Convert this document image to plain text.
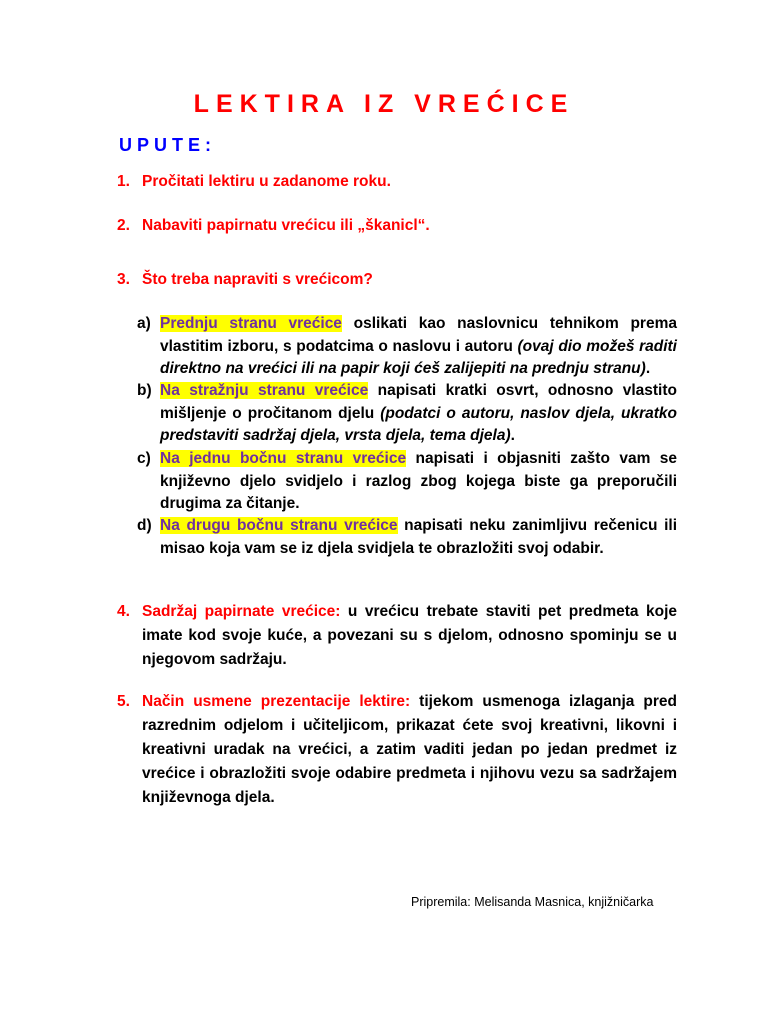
LEKTIRA IZ VREĆICE
UPUTE:
1. Pročitati lektiru u zadanome roku.
2. Nabaviti papirnatu vrećicu ili „škanicl“.
3. Što treba napraviti s vrećicom?
a) Prednju stranu vrećice oslikati kao naslovnicu tehnikom prema vlastitim izboru, s podatcima o naslovu i autoru (ovaj dio možeš raditi direktno na vrećici ili na papir koji ćeš zalijepiti na prednju stranu).
b) Na stražnju stranu vrećice napisati kratki osvrt, odnosno vlastito mišljenje o pročitanom djelu (podatci o autoru, naslov djela, ukratko predstaviti sadržaj djela, vrsta djela, tema djela).
c) Na jednu bočnu stranu vrećice napisati i objasniti zašto vam se književno djelo svidjelo i razlog zbog kojega biste ga preporučili drugima za čitanje.
d) Na drugu bočnu stranu vrećice napisati neku zanimljivu rečenicu ili misao koja vam se iz djela svidjela te obrazložiti svoj odabir.
4. Sadržaj papirnate vrećice: u vrećicu trebate staviti pet predmeta koje imate kod svoje kuće, a povezani su s djelom, odnosno spominju se u njegovom sadržaju.
5. Način usmene prezentacije lektire: tijekom usmenoga izlaganja pred razrednim odjelom i učiteljicom, prikazat ćete svoj kreativni, likovni i kreativni uradak na vrećici, a zatim vaditi jedan po jedan predmet iz vrećice i obrazložiti svoje odabire predmeta i njihovu vezu sa sadržajem književnoga djela.
Pripremila: Melisanda Masnica, knjižničarka
